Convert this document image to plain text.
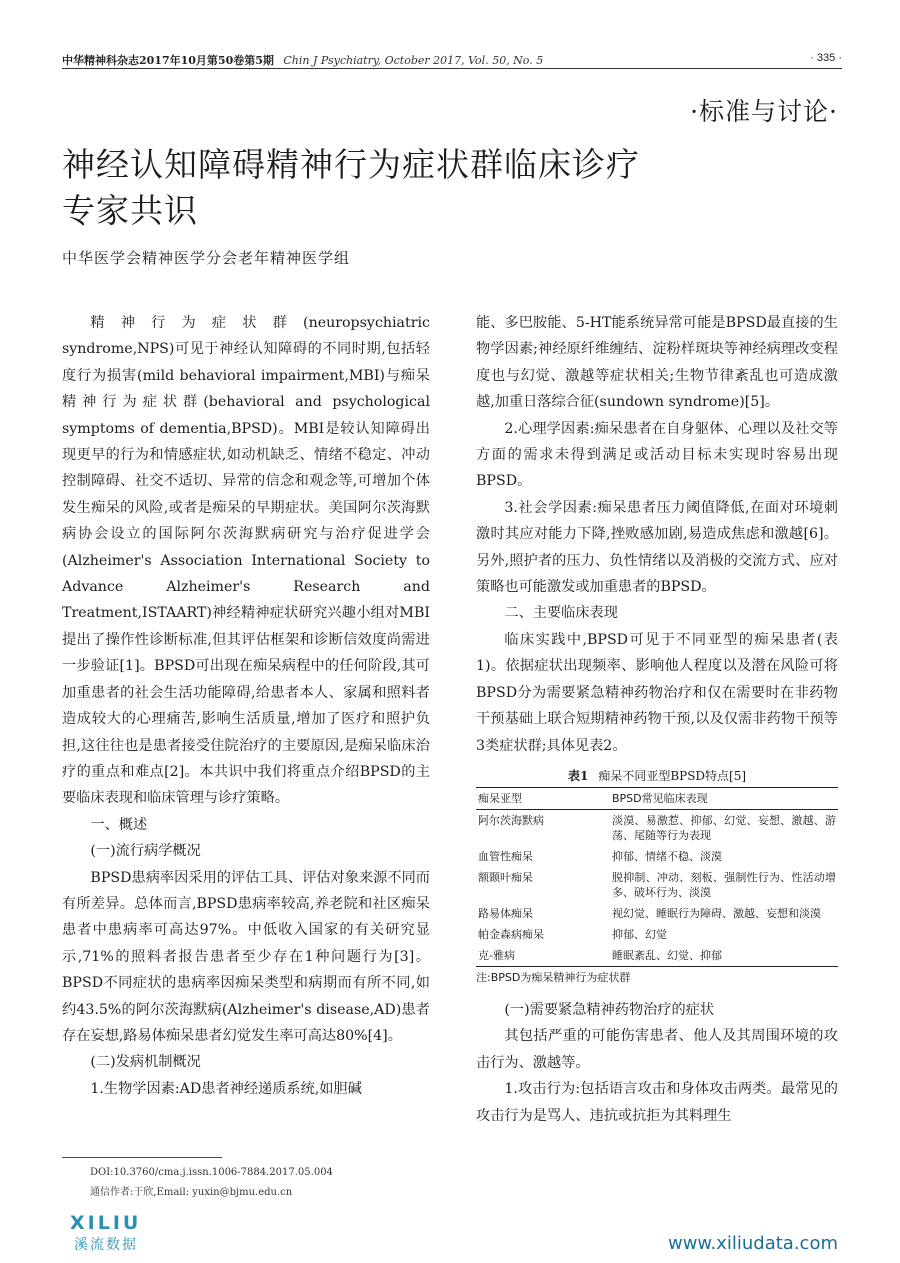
中华精神科杂志2017年10月第50卷第5期 Chin J Psychiatry, October 2017, Vol. 50, No. 5	· 335 ·
·标准与讨论·
神经认知障碍精神行为症状群临床诊疗
专家共识
中华医学会精神医学分会老年精神医学组

精神行为症状群(neuropsychiatric syndrome,NPS)可见于神经认知障碍的不同时期,包括轻度行为损害(mild behavioral impairment,MBI)与痴呆精神行为症状群(behavioral and psychological symptoms of dementia,BPSD)。MBI是较认知障碍出现更早的行为和情感症状,如动机缺乏、情绪不稳定、冲动控制障碍、社交不适切、异常的信念和观念等,可增加个体发生痴呆的风险,或者是痴呆的早期症状。美国阿尔茨海默病协会设立的国际阿尔茨海默病研究与治疗促进学会(Alzheimer's Association International Society to Advance Alzheimer's Research and Treatment,ISTAART)神经精神症状研究兴趣小组对MBI提出了操作性诊断标准,但其评估框架和诊断信效度尚需进一步验证[1]。BPSD可出现在痴呆病程中的任何阶段,其可加重患者的社会生活功能障碍,给患者本人、家属和照料者造成较大的心理痛苦,影响生活质量,增加了医疗和照护负担,这往往也是患者接受住院治疗的主要原因,是痴呆临床治疗的重点和难点[2]。本共识中我们将重点介绍BPSD的主要临床表现和临床管理与诊疗策略。

一、概述

(一)流行病学概况

BPSD患病率因采用的评估工具、评估对象来源不同而有所差异。总体而言,BPSD患病率较高,养老院和社区痴呆患者中患病率可高达97%。中低收入国家的有关研究显示,71%的照料者报告患者至少存在1种问题行为[3]。BPSD不同症状的患病率因痴呆类型和病期而有所不同,如约43.5%的阿尔茨海默病(Alzheimer's disease,AD)患者存在妄想,路易体痴呆患者幻觉发生率可高达80%[4]。

(二)发病机制概况

1.生物学因素:AD患者神经递质系统,如胆碱

能、多巴胺能、5-HT能系统异常可能是BPSD最直接的生物学因素;神经原纤维缠结、淀粉样斑块等神经病理改变程度也与幻觉、激越等症状相关;生物节律紊乱也可造成激越,加重日落综合征(sundown syndrome)[5]。

2.心理学因素:痴呆患者在自身躯体、心理以及社交等方面的需求未得到满足或活动目标未实现时容易出现BPSD。

3.社会学因素:痴呆患者压力阈值降低,在面对环境刺激时其应对能力下降,挫败感加剧,易造成焦虑和激越[6]。另外,照护者的压力、负性情绪以及消极的交流方式、应对策略也可能激发或加重患者的BPSD。

二、主要临床表现

临床实践中,BPSD可见于不同亚型的痴呆患者(表1)。依据症状出现频率、影响他人程度以及潜在风险可将BPSD分为需要紧急精神药物治疗和仅在需要时在非药物干预基础上联合短期精神药物干预,以及仅需非药物干预等3类症状群;具体见表2。

表1 痴呆不同亚型BPSD特点[5]
痴呆亚型	BPSD常见临床表现
阿尔茨海默病	淡漠、易激惹、抑郁、幻觉、妄想、激越、游荡、尾随等行为表现
血管性痴呆	抑郁、情绪不稳、淡漠
额颞叶痴呆	脱抑制、冲动、刻板、强制性行为、性活动增多、破坏行为、淡漠
路易体痴呆	视幻觉、睡眠行为障碍、激越、妄想和淡漠
帕金森病痴呆	抑郁、幻觉
克-雅病	睡眠紊乱、幻觉、抑郁
注:BPSD为痴呆精神行为症状群

(一)需要紧急精神药物治疗的症状

其包括严重的可能伤害患者、他人及其周围环境的攻击行为、激越等。

1.攻击行为:包括语言攻击和身体攻击两类。最常见的攻击行为是骂人、违抗或抗拒为其料理生

DOI:10.3760/cma.j.issn.1006-7884.2017.05.004
通信作者:于欣,Email: yuxin@bjmu.edu.cn
XILIU
溪流数据	www.xiliudata.com
